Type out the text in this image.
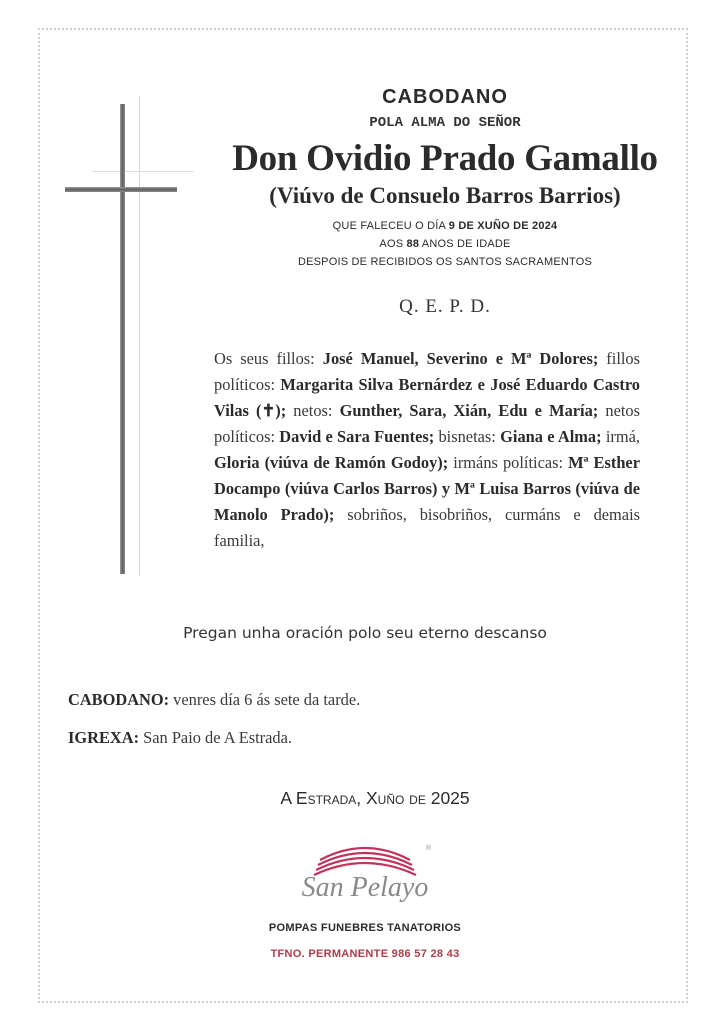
CABODANO
POLA ALMA DO SEÑOR
Don Ovidio Prado Gamallo
(Viúvo de Consuelo Barros Barrios)
QUE FALECEU O DÍA 9 DE XUÑO DE 2024
AOS 88 ANOS DE IDADE
DESPOIS DE RECIBIDOS OS SANTOS SACRAMENTOS
Q. E. P. D.
Os seus fillos: José Manuel, Severino e Mª Dolores; fillos políticos: Margarita Silva Bernárdez e José Eduardo Castro Vilas (✝); netos: Gunther, Sara, Xián, Edu e María; netos políticos: David e Sara Fuentes; bisnetas: Giana e Alma; irmá, Gloria (viúva de Ramón Godoy); irmáns políticas: Mª Esther Docampo (viúva Carlos Barros) y Mª Luisa Barros (viúva de Manolo Prado); sobriños, bisobriños, curmáns e demais familia,
Pregan unha oración polo seu eterno descanso
CABODANO: venres día 6 ás sete da tarde.
IGREXA: San Paio de A Estrada.
A Estrada, Xuño de 2025
San Pelayo
®
POMPAS FUNEBRES TANATORIOS
TFNO. PERMANENTE 986 57 28 43
